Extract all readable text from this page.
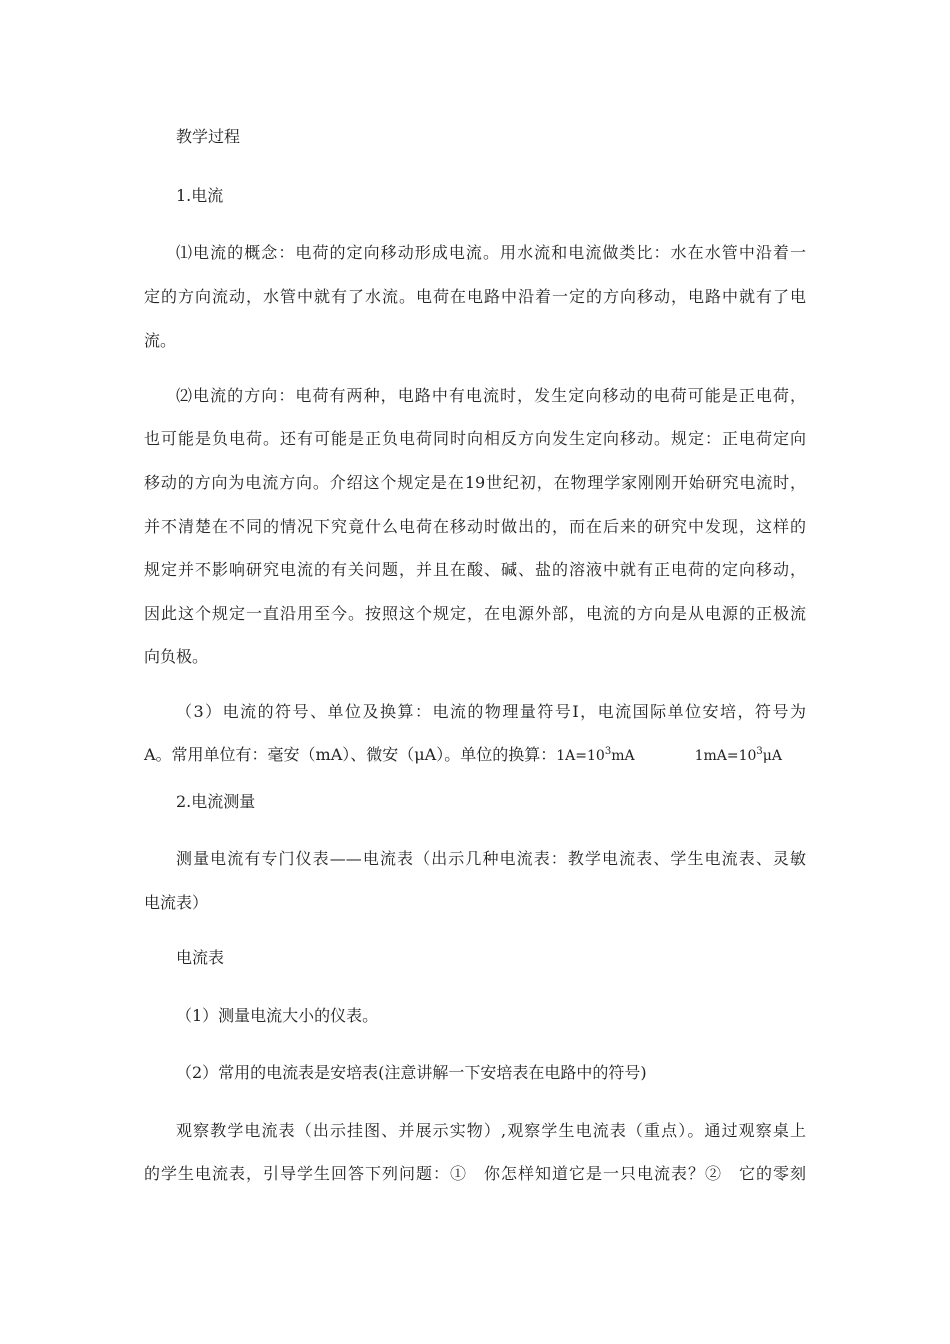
教学过程
1.电流
⑴电流的概念：电荷的定向移动形成电流。用水流和电流做类比：水在水管中沿着一
定的方向流动，水管中就有了水流。电荷在电路中沿着一定的方向移动，电路中就有了电
流。
⑵电流的方向：电荷有两种，电路中有电流时，发生定向移动的电荷可能是正电荷，
也可能是负电荷。还有可能是正负电荷同时向相反方向发生定向移动。规定：正电荷定向
移动的方向为电流方向。介绍这个规定是在19世纪初，在物理学家刚刚开始研究电流时，
并不清楚在不同的情况下究竟什么电荷在移动时做出的，而在后来的研究中发现，这样的
规定并不影响研究电流的有关问题，并且在酸、碱、盐的溶液中就有正电荷的定向移动，
因此这个规定一直沿用至今。按照这个规定，在电源外部，电流的方向是从电源的正极流
向负极。
（3）电流的符号、单位及换算：电流的物理量符号I，电流国际单位安培，符号为
A。常用单位有：毫安（mA）、微安（μA）。单位的换算：$1A=10^3mA$	$1mA=10^3\mu A$
2.电流测量
测量电流有专门仪表——电流表（出示几种电流表：教学电流表、学生电流表、灵敏
电流表）
电流表
（1）测量电流大小的仪表。
（2）常用的电流表是安培表(注意讲解一下安培表在电路中的符号)
观察教学电流表（出示挂图、并展示实物）,观察学生电流表（重点）。通过观察桌上
的学生电流表，引导学生回答下列问题：①　你怎样知道它是一只电流表？②　它的零刻
